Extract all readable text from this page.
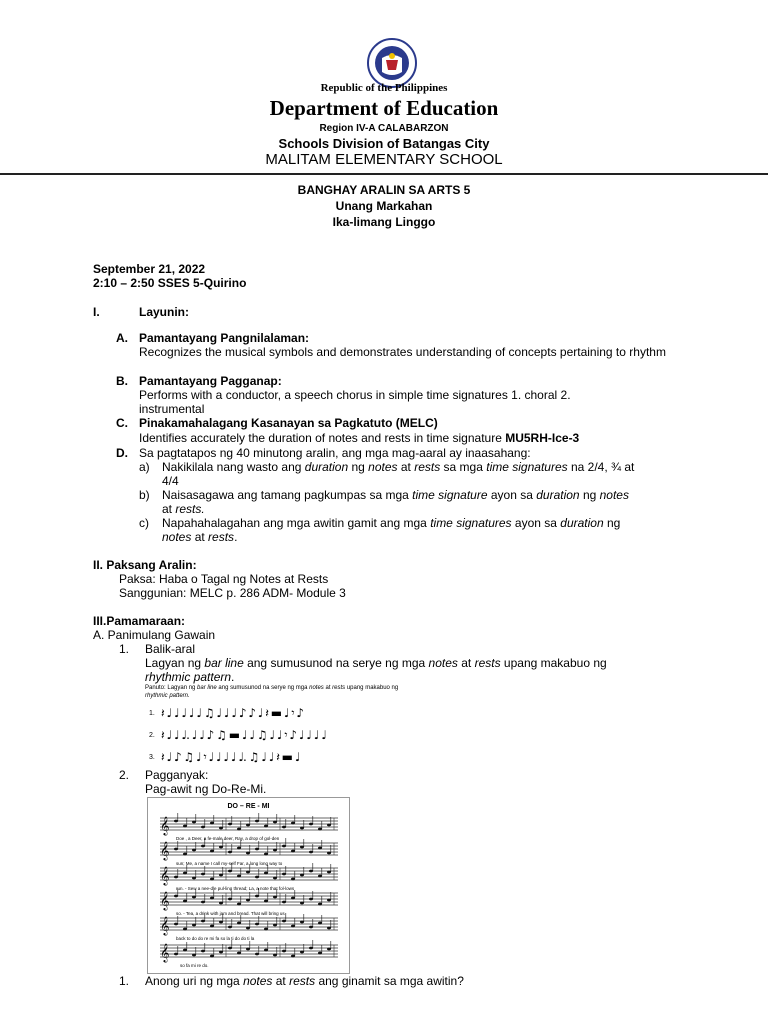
Republic of the Philippines
Department of Education
Region IV-A CALABARZON
Schools Division of Batangas City
MALITAM ELEMENTARY SCHOOL
BANGHAY ARALIN SA ARTS 5
Unang Markahan
Ika-limang Linggo
September 21, 2022
2:10 – 2:50 SSES 5-Quirino
I.	Layunin:
A. Pamantayang Pangnilalaman:
Recognizes the musical symbols and demonstrates understanding of concepts pertaining to rhythm
B. Pamantayang Pagganap:
Performs with a conductor, a speech chorus in simple time signatures 1. choral 2. instrumental
C. Pinakamahalagang Kasanayan sa Pagkatuto (MELC)
Identifies accurately the duration of notes and rests in time signature MU5RH-Ice-3
D. Sa pagtatapos ng 40 minutong aralin, ang mga mag-aaral ay inaasahang:
a) Nakikilala nang wasto ang duration ng notes at rests sa mga time signatures na 2/4, ¾ at
4/4
b) Naisasagawa ang tamang pagkumpas sa mga time signature ayon sa duration ng notes
at rests.
c) Napahahalagahan ang mga awitin gamit ang mga time signatures ayon sa duration ng
notes at rests.
II. Paksang Aralin:
Paksa: Haba o Tagal ng Notes at Rests
Sanggunian: MELC p. 286 ADM- Module 3
III.Pamamaraan:
A. Panimulang Gawain
1. Balik-aral
Lagyan ng bar line ang sumusunod na serye ng mga notes at rests upang makabuo ng
rhythmic pattern.
Panuto: Lagyan ng bar line ang sumusunod na serye ng mga notes at rests upang makabuo ng
rhythmic pattern.
1. 𝄽 ♩ ♩ ♩ ♩ ♩ ♫ ♩ ♩ ♩ ♪ ♪ ♩ 𝄽 ▬ ♩ 𝄾 ♪
2. 𝄽 ♩ ♩ ♩. ♩ ♩ ♪ ♫ ▬ ♩ ♩ ♫ ♩ ♩ 𝄾 ♪ ♩ ♩ ♩ ♩
3. 𝄽 ♩ ♪ ♫ ♩ 𝄾 ♩ ♩ ♩ ♩ ♩. ♫ ♩ ♩ 𝄽 ▬ ♩
2. Pagganyak:
Pag-awit ng Do-Re-Mi.
DO – RE - MI
𝄞
𝄞
𝄞
𝄞
𝄞
𝄞
Doe , a Deer, a fe-male deer, Ray, a drop of gol-den
sun; Me, a name I call my-self Far, a long long way to
run. - Sew a nee-dle pul-ling thread; La, a note that fol-lows
so. - Tea, a drink with jam and bread. That will bring us
back to do do re mi fa so la ti do do ti la
so fa mi re do.
1. Anong uri ng mga notes at rests ang ginamit sa mga awitin?
